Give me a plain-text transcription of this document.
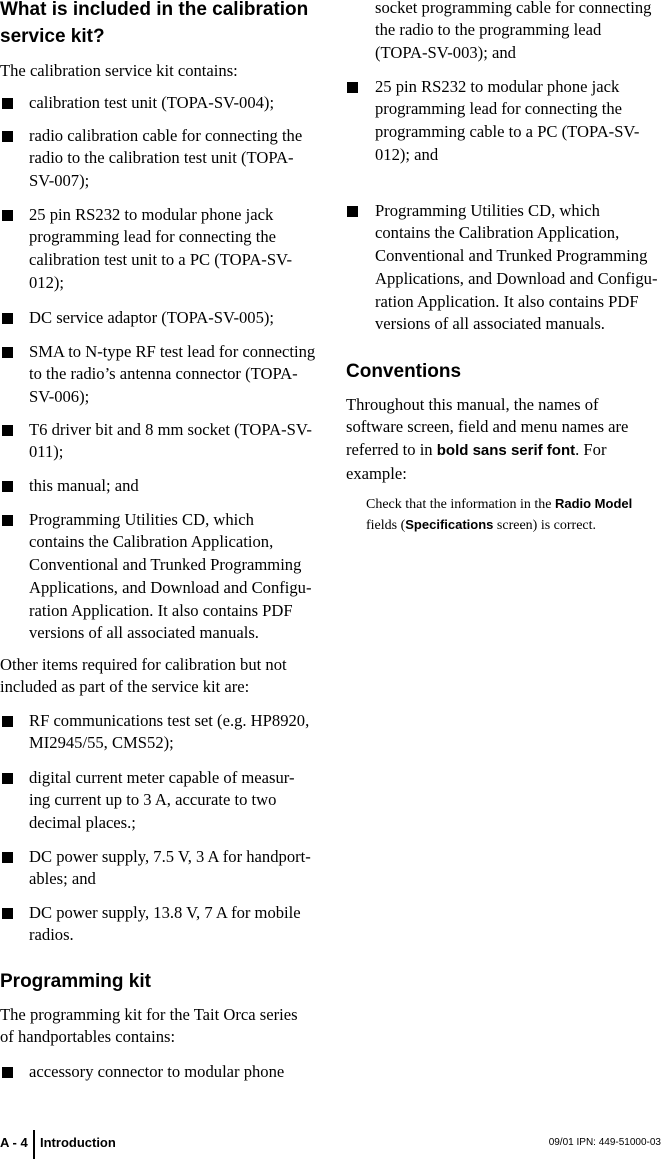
What is included in the calibration
service kit?
The calibration service kit contains:
calibration test unit (TOPA-SV-004);
radio calibration cable for connecting the
radio to the calibration test unit (TOPA-
SV-007);
25 pin RS232 to modular phone jack
programming lead for connecting the
calibration test unit to a PC (TOPA-SV-
012);
DC service adaptor (TOPA-SV-005);
SMA to N-type RF test lead for connecting
to the radio’s antenna connector (TOPA-
SV-006);
T6 driver bit and 8 mm socket (TOPA-SV-
011);
this manual; and
Programming Utilities CD, which
contains the Calibration Application,
Conventional and Trunked Programming
Applications, and Download and Configu-
ration Application. It also contains PDF
versions of all associated manuals.
Other items required for calibration but not
included as part of the service kit are:
RF communications test set (e.g. HP8920,
MI2945/55, CMS52);
digital current meter capable of measur-
ing current up to 3 A, accurate to two
decimal places.;
DC power supply, 7.5 V, 3 A for handport-
ables; and
DC power supply, 13.8 V, 7 A for mobile
radios.
Programming kit
The programming kit for the Tait Orca series
of handportables contains:
accessory connector to modular phone
socket programming cable for connecting
the radio to the programming lead
(TOPA-SV-003); and
25 pin RS232 to modular phone jack
programming lead for connecting the
programming cable to a PC (TOPA-SV-
012); and
Programming Utilities CD, which
contains the Calibration Application,
Conventional and Trunked Programming
Applications, and Download and Configu-
ration Application. It also contains PDF
versions of all associated manuals.
Conventions
Throughout this manual, the names of
software screen, field and menu names are
referred to in bold sans serif font. For
example:
Check that the information in the Radio Model
fields (Specifications screen) is correct.
A - 4 Introduction	09/01 IPN: 449-51000-03
